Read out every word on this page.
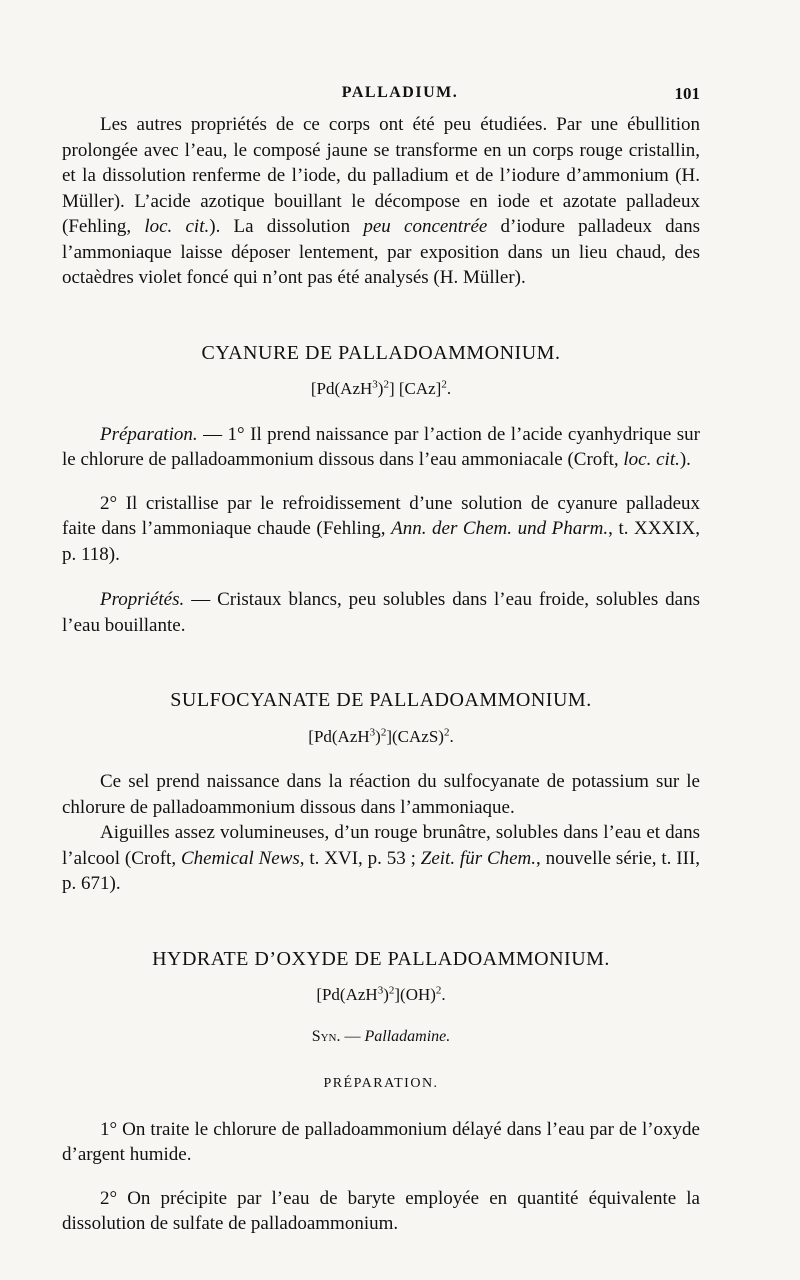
PALLADIUM.	101

Les autres propriétés de ce corps ont été peu étudiées. Par une ébullition prolongée avec l’eau, le composé jaune se transforme en un corps rouge cristallin, et la dissolution renferme de l’iode, du palladium et de l’iodure d’ammonium (H. Müller). L’acide azotique bouillant le décompose en iode et azotate palladeux (Fehling, loc. cit.). La dissolution peu concentrée d’iodure palladeux dans l’ammoniaque laisse déposer lentement, par exposition dans un lieu chaud, des octaèdres violet foncé qui n’ont pas été analysés (H. Müller).

CYANURE DE PALLADOAMMONIUM.
$[Pd(AzH^3)^2]$ [CAz]$^2$.

Préparation. — 1° Il prend naissance par l’action de l’acide cyanhydrique sur le chlorure de palladoammonium dissous dans l’eau ammoniacale (Croft, loc. cit.).

2° Il cristallise par le refroidissement d’une solution de cyanure palladeux faite dans l’ammoniaque chaude (Fehling, Ann. der Chem. und Pharm., t. XXXIX, p. 118).

Propriétés. — Cristaux blancs, peu solubles dans l’eau froide, solubles dans l’eau bouillante.

SULFOCYANATE DE PALLADOAMMONIUM.
$[Pd(AzH^3)^2](CAzS)^2$.

Ce sel prend naissance dans la réaction du sulfocyanate de potassium sur le chlorure de palladoammonium dissous dans l’ammoniaque.

Aiguilles assez volumineuses, d’un rouge brunâtre, solubles dans l’eau et dans l’alcool (Croft, Chemical News, t. XVI, p. 53 ; Zeit. für Chem., nouvelle série, t. III, p. 671).

HYDRATE D’OXYDE DE PALLADOAMMONIUM.
$[Pd(AzH^3)^2](OH)^2$.
Syn. — Palladamine.
PRÉPARATION.

1° On traite le chlorure de palladoammonium délayé dans l’eau par de l’oxyde d’argent humide.

2° On précipite par l’eau de baryte employée en quantité équivalente la dissolution de sulfate de palladoammonium.
